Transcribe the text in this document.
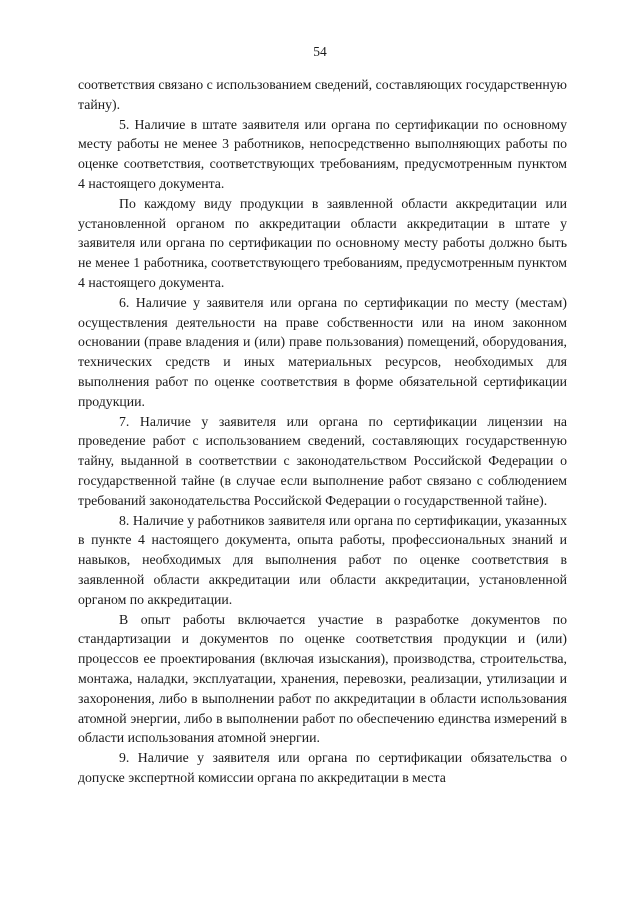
54

соответствия связано с использованием сведений, составляющих государственную тайну).

5. Наличие в штате заявителя или органа по сертификации по основному месту работы не менее 3 работников, непосредственно выполняющих работы по оценке соответствия, соответствующих требованиям, предусмотренным пунктом 4 настоящего документа.

По каждому виду продукции в заявленной области аккредитации или установленной органом по аккредитации области аккредитации в штате у заявителя или органа по сертификации по основному месту работы должно быть не менее 1 работника, соответствующего требованиям, предусмотренным пунктом 4 настоящего документа.

6. Наличие у заявителя или органа по сертификации по месту (местам) осуществления деятельности на праве собственности или на ином законном основании (праве владения и (или) праве пользования) помещений, оборудования, технических средств и иных материальных ресурсов, необходимых для выполнения работ по оценке соответствия в форме обязательной сертификации продукции.

7. Наличие у заявителя или органа по сертификации лицензии на проведение работ с использованием сведений, составляющих государственную тайну, выданной в соответствии с законодательством Российской Федерации о государственной тайне (в случае если выполнение работ связано с соблюдением требований законодательства Российской Федерации о государственной тайне).

8. Наличие у работников заявителя или органа по сертификации, указанных в пункте 4 настоящего документа, опыта работы, профессиональных знаний и навыков, необходимых для выполнения работ по оценке соответствия в заявленной области аккредитации или области аккредитации, установленной органом по аккредитации.

В опыт работы включается участие в разработке документов по стандартизации и документов по оценке соответствия продукции и (или) процессов ее проектирования (включая изыскания), производства, строительства, монтажа, наладки, эксплуатации, хранения, перевозки, реализации, утилизации и захоронения, либо в выполнении работ по аккредитации в области использования атомной энергии, либо в выполнении работ по обеспечению единства измерений в области использования атомной энергии.

9. Наличие у заявителя или органа по сертификации обязательства о допуске экспертной комиссии органа по аккредитации в места
